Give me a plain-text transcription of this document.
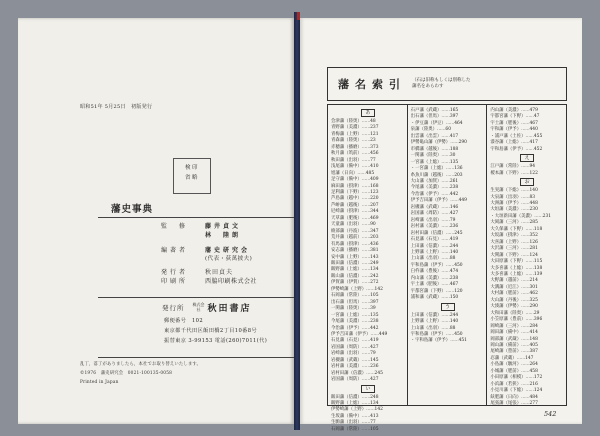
昭和51年 5月25日　初版発行
検印
省略
藩史事典
監　修	藤井貞文
林　陸朗
編著者	藩史研究会
(代表・荻萬披夫)
発行者	秋田貞夫
印刷所	西脇印刷株式会社
発行所 株式会社 秋田書店
郵便番号　102
東京都千代田区飯田橋2丁目10番8号
振替東京 3-99153 電話(260)7011(代)
乱丁，落丁がありましたら，本社でお取り替えいたします。
©1976　藩史研究会　0021-100135-0058
Printed in Japan
藩名索引 （石は旧称もしくは別称した
藩名をあらわす
あ
会津藩（陸奥）……48
青野藩（美濃）……237
青梅藩（上野）……121
青森藩（陸奥）……23
赤穂藩（播磨）……373
秋月藩（筑前）……456
秋田藩（出羽）……77
浅尾藩（備中）……410
旭藩（日向）……485
足守藩（備中）……409
麻田藩（摂津）……168
足利藩（下野）……123
芦島藩（越中）……220
芦峅藩（越後）……207
尼崎藩（摂津）……344
天草藩（肥後）……469
天童藩（出羽）……90
綾部藩（丹波）……347
荒井藩（越前）……203
有馬藩（摂津）……436
安志藩（播磨）……381
安中藩（上野）……143
飯田藩（信濃）……249
飯野藩（上総）……134
飯山藩（信濃）……242
伊賀藩（伊賀）……272
伊勢崎藩（上野）……142
石岡藩（常陸）……105
出石藩（但馬）……397
一関藩（陸奥）……39
一宮藩（上総）……135
今尾藩（美濃）……238
今治藩（伊予）……442
伊予吉田藩（伊予）……449
石見藩（石見）……419
岩国藩（周防）……427
岩崎藩（出羽）……79
岩槻藩（武蔵）……145
岩村藩（美濃）……236
岩村田藩（信濃）……245
岩国藩（周防）……427
い
飯田藩（信濃）……248
飯野藩（上総）……134
伊勢崎藩（上野）……142
生坂藩（備中）……413
生駒藩（出羽）……77
石岡藩（常陸）……105
石戸藩（武蔵）……165
出石藩（但馬）……397
・伊豆藩（伊豆）……464
泉藩（陸奥）……60
出雲藩（出雲）……417
伊勢亀山藩（伊勢）……290
市橋藩（越後）……188
一関藩（陸奥）……30
一宮藩（上総）……135
・一宮藩（上総）……136
糸魚川藩（越後）……203
大山藩（加賀）……261
今尾藩（美濃）……238
今治藩（伊予）……442
伊予吉田藩（伊予）……449
岩槻藩（武蔵）……146
岩国藩（周防）……427
岩崎藩（出羽）……79
岩村藩（美濃）……236
岩村田藩（信濃）……245
石見藩（石見）……419
上田藩（信濃）……244
上野藩（上野）……140
上山藩（出羽）……88
宇和島藩（伊予）……450
臼杵藩（豊後）……474
内山藩（美濃）……238
宇土藩（肥後）……467
宇都宮藩（下野）……120
浦和藩（武蔵）……150
う
上田藩（信濃）……244
上野藩（上野）……140
上山藩（出羽）……88
宇和島藩（伊予）……450
・宇和島藩（伊予）……451
内山藩（美濃）……479
宇都宮藩（下野）……47
宇土藩（肥後）……467
宇和藩（伊予）……440
・浦戸藩（土佐）……455
漆谷藩（上総）……417
宇和島藩（伊予）……452
え
江戸藩（常陸）……94
榎本藩（下野）……122
お
生実藩（下総）……140
大泉藩（出羽）……83
大洲藩（伊予）……448
大垣藩（美濃）……230
・大垣新田藩（美濃）……231
大岡藩（三河）……285
大久保藩（下野）……118
大坂藩（摂津）……352
大喜藩（上野）……126
大沢藩（三河）……281
大関藩（下野）……124
大田原藩（下野）……115
大多喜藩（上総）……138
大多喜藩（上総）……139
大野藩（越前）……214
大溝藩（近江）……301
大村藩（肥前）……462
大山藩（丹後）……325
大湊藩（伊勢）……290
大和田藩（陸奥）……29
小笠原藩（豊前）……396
岡崎藩（三河）……284
岡田藩（備中）……414
岡部藩（武蔵）……148
岡山藩（備前）……405
尾崎藩（豊前）……387
忍藩（武蔵）……147
小島藩（駿河）……264
小城藩（肥前）……458
小田原藩（相模）……172
小浜藩（若狭）……216
小見川藩（下総）……124
飫肥藩（日向）……484
尾張藩（尾張）……277
542
